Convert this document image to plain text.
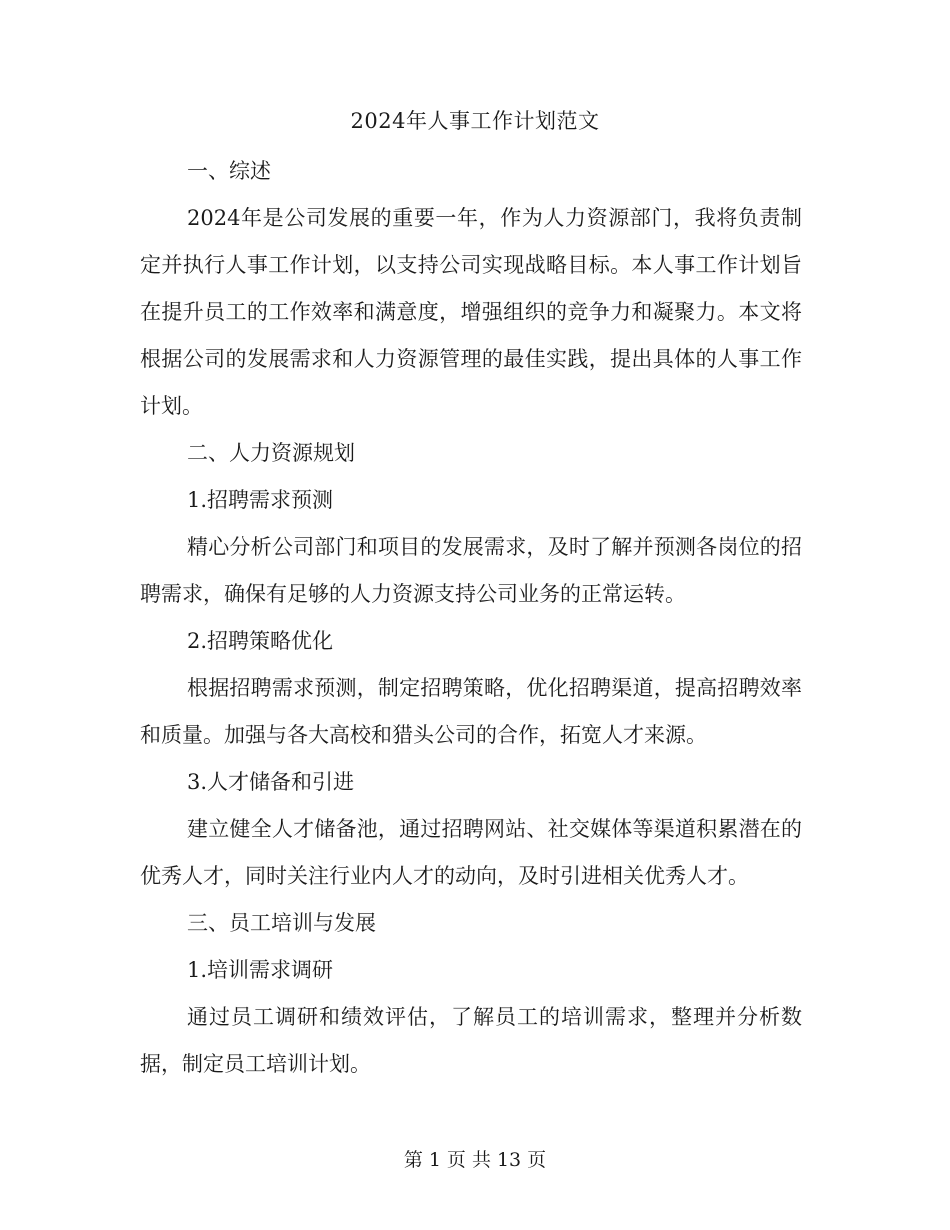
2024年人事工作计划范文

一、综述

2024年是公司发展的重要一年，作为人力资源部门，我将负责制定并执行人事工作计划，以支持公司实现战略目标。本人事工作计划旨在提升员工的工作效率和满意度，增强组织的竞争力和凝聚力。本文将根据公司的发展需求和人力资源管理的最佳实践，提出具体的人事工作计划。

二、人力资源规划

1.招聘需求预测

精心分析公司部门和项目的发展需求，及时了解并预测各岗位的招聘需求，确保有足够的人力资源支持公司业务的正常运转。

2.招聘策略优化

根据招聘需求预测，制定招聘策略，优化招聘渠道，提高招聘效率和质量。加强与各大高校和猎头公司的合作，拓宽人才来源。

3.人才储备和引进

建立健全人才储备池，通过招聘网站、社交媒体等渠道积累潜在的优秀人才，同时关注行业内人才的动向，及时引进相关优秀人才。

三、员工培训与发展

1.培训需求调研

通过员工调研和绩效评估，了解员工的培训需求，整理并分析数据，制定员工培训计划。

第 1 页 共 13 页
